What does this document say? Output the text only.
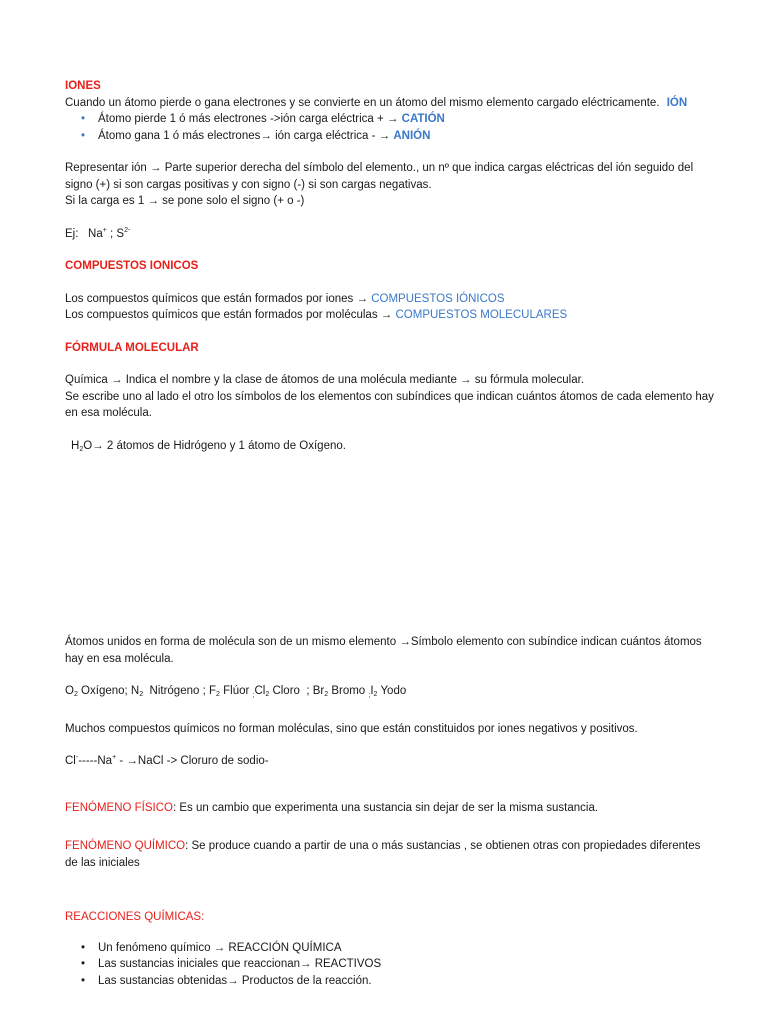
IONES

Cuando un átomo pierde o gana electrones y se convierte en un átomo del mismo elemento cargado eléctricamente. IÓN

• Átomo pierde 1 ó más electrones ->ión carga eléctrica + → CATIÓN
• Átomo gana 1 ó más electrones→ ión carga eléctrica - → ANIÓN

Representar ión → Parte superior derecha del símbolo del elemento., un nº que indica cargas eléctricas del ión seguido del signo (+) si son cargas positivas y con signo (-) si son cargas negativas.

Si la carga es 1 → se pone solo el signo (+ o -)

Ej: Na+ ; $S^{2-}$

COMPUESTOS IONICOS

Los compuestos químicos que están formados por iones → COMPUESTOS IÓNICOS

Los compuestos químicos que están formados por moléculas → COMPUESTOS MOLECULARES

FÓRMULA MOLECULAR

Química → Indica el nombre y la clase de átomos de una molécula mediante → su fórmula molecular.

Se escribe uno al lado el otro los símbolos de los elementos con subíndices que indican cuántos átomos de cada elemento hay en esa molécula.

$H_2O\to 2$ átomos de Hidrógeno y 1 átomo de Oxígeno.

Átomos unidos en forma de molécula son de un mismo elemento →Símbolo elemento con subíndice indican cuántos átomos hay en esa molécula.

$O_2$ Oxígeno; $N_2$  Nitrógeno ; $F_2$ Flúor $_;Cl_2$ Cloro  ; $Br_2$ Bromo $_;I_2$ Yodo

Muchos compuestos químicos no forman moléculas, sino que están constituidos por iones negativos y positivos.

Cl------Na+ - →NaCl -> Cloruro de sodio-

FENÓMENO FÍSICO: Es un cambio que experimenta una sustancia sin dejar de ser la misma sustancia.

FENÓMENO QUÍMICO: Se produce cuando a partir de una o más sustancias , se obtienen otras con propiedades diferentes de las iniciales

REACCIONES QUÍMICAS:

• Un fenómeno químico → REACCIÓN QUÍMICA
• Las sustancias iniciales que reaccionan→ REACTIVOS
• Las sustancias obtenidas→ Productos de la reacción.
